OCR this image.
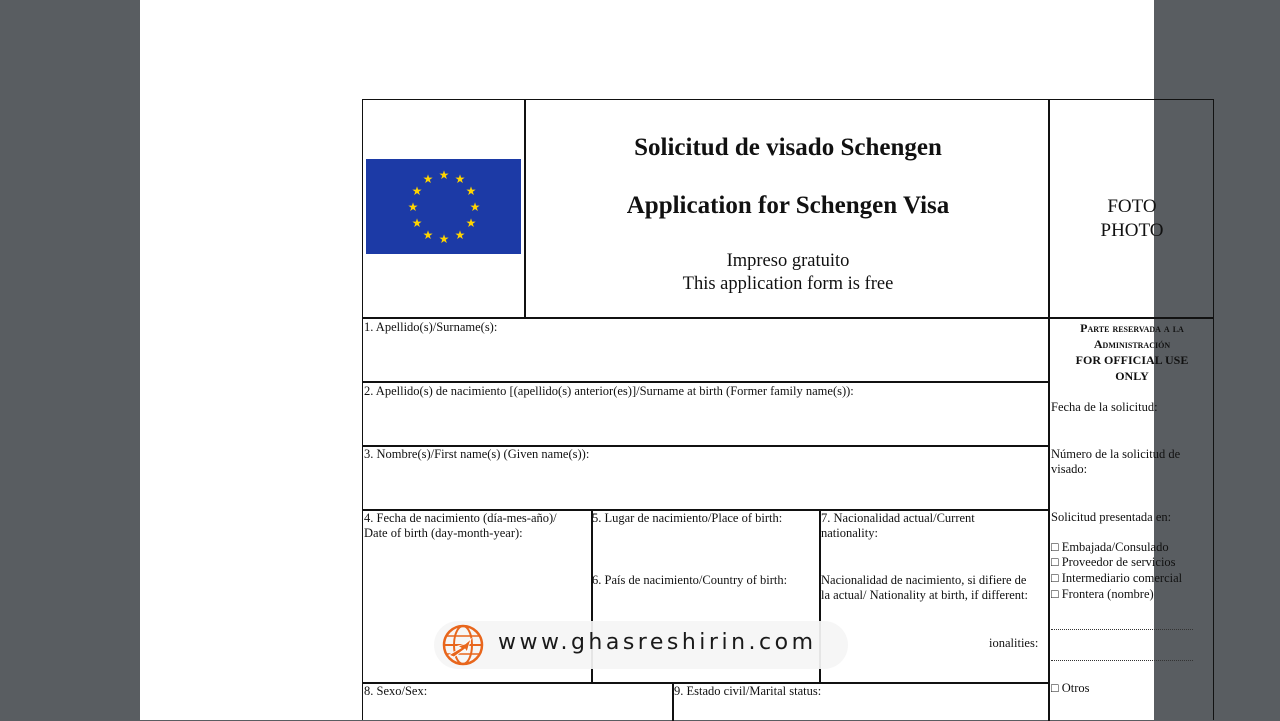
★ ★
★
★
★
★
★
★
★
★
★
★
Solicitud de visado Schengen
Application for Schengen Visa
Impreso gratuito
This application form is free
FOTO
PHOTO
1. Apellido(s)/Surname(s):
2. Apellido(s) de nacimiento [(apellido(s) anterior(es)]/Surname at birth (Former family name(s)):
3. Nombre(s)/First name(s) (Given name(s)):
4. Fecha de nacimiento (día-mes-año)/
Date of birth (day-month-year):
5. Lugar de nacimiento/Place of birth:
6. País de nacimiento/Country of birth:
7. Nacionalidad actual/Current
nationality:
Nacionalidad de nacimiento, si difiere de
la actual/ Nationality at birth, if different:
ionalities:
8. Sexo/Sex:	9. Estado civil/Marital status:
Parte reservada a la
Administración
FOR OFFICIAL USE
ONLY
Fecha de la solicitud:
Número de la solicitud de
visado:
Solicitud presentada en:
□ Embajada/Consulado
□ Proveedor de servicios
□ Intermediario comercial
□ Frontera (nombre)
□ Otros
www.ghasreshirin.com
